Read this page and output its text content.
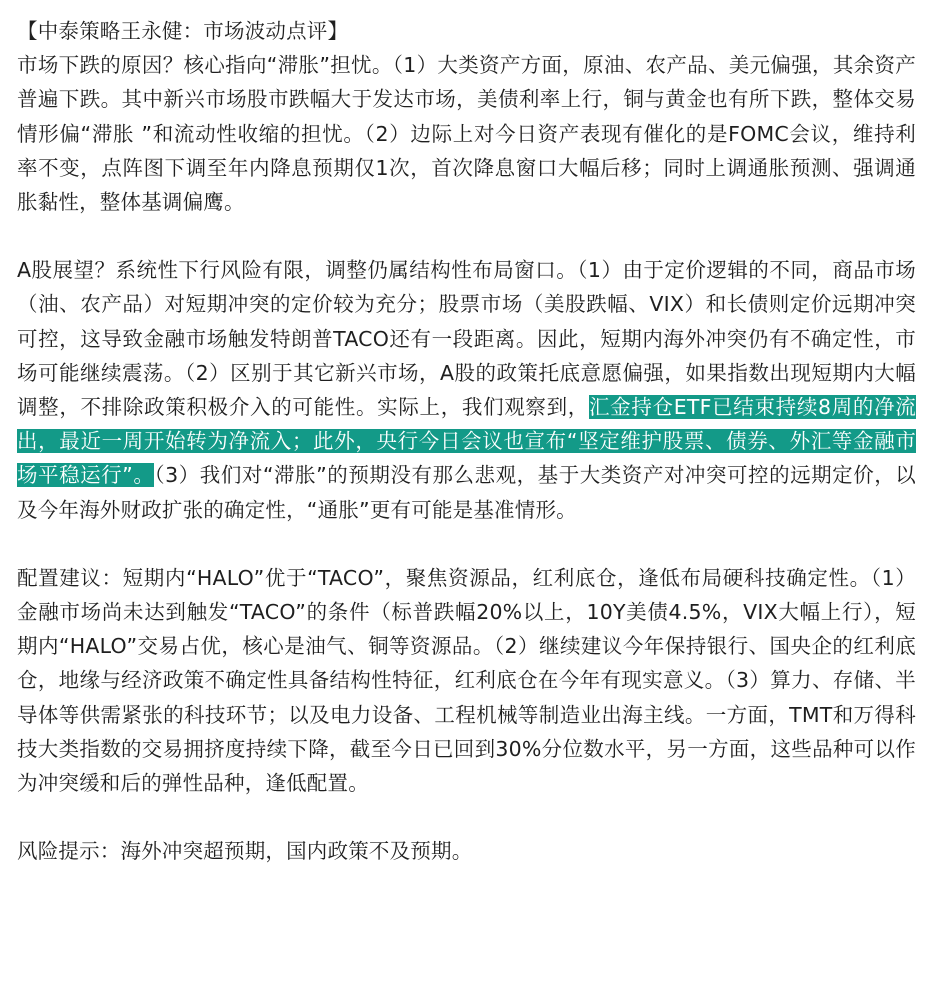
【中泰策略王永健：市场波动点评】

市场下跌的原因？核心指向“滞胀”担忧。（1）大类资产方面，原油、农产品、美元偏强，其余资产普遍下跌。其中新兴市场股市跌幅大于发达市场，美债利率上行，铜与黄金也有所下跌，整体交易情形偏“滞胀 ”和流动性收缩的担忧。（2）边际上对今日资产表现有催化的是FOMC会议，维持利率不变，点阵图下调至年内降息预期仅1次，首次降息窗口大幅后移；同时上调通胀预测、强调通胀黏性，整体基调偏鹰。

A股展望？系统性下行风险有限，调整仍属结构性布局窗口。（1）由于定价逻辑的不同，商品市场（油、农产品）对短期冲突的定价较为充分；股票市场（美股跌幅、VIX）和长债则定价远期冲突可控，这导致金融市场触发特朗普TACO还有一段距离。因此，短期内海外冲突仍有不确定性，市场可能继续震荡。（2）区别于其它新兴市场，A股的政策托底意愿偏强，如果指数出现短期内大幅调整，不排除政策积极介入的可能性。实际上，我们观察到，汇金持仓ETF已结束持续8周的净流出，最近一周开始转为净流入；此外，央行今日会议也宣布“坚定维护股票、债券、外汇等金融市场平稳运行”。（3）我们对“滞胀”的预期没有那么悲观，基于大类资产对冲突可控的远期定价，以及今年海外财政扩张的确定性，“通胀”更有可能是基准情形。

配置建议：短期内“HALO”优于“TACO”，聚焦资源品，红利底仓，逢低布局硬科技确定性。（1）金融市场尚未达到触发“TACO”的条件（标普跌幅20%以上，10Y美债4.5%，VIX大幅上行），短期内“HALO”交易占优，核心是油气、铜等资源品。（2）继续建议今年保持银行、国央企的红利底仓，地缘与经济政策不确定性具备结构性特征，红利底仓在今年有现实意义。（3）算力、存储、半导体等供需紧张的科技环节；以及电力设备、工程机械等制造业出海主线。一方面，TMT和万得科技大类指数的交易拥挤度持续下降，截至今日已回到30%分位数水平，另一方面，这些品种可以作为冲突缓和后的弹性品种，逢低配置。

风险提示：海外冲突超预期，国内政策不及预期。
